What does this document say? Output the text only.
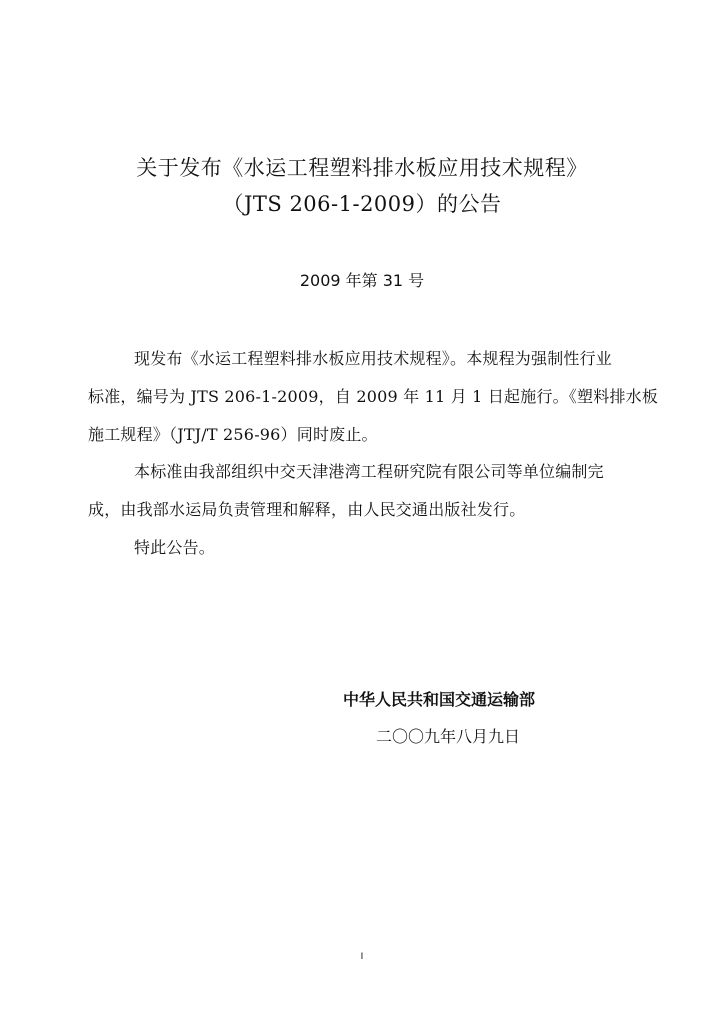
关于发布《水运工程塑料排水板应用技术规程》
（JTS 206-1-2009）的公告
2009 年第 31 号
现发布《水运工程塑料排水板应用技术规程》。本规程为强制性行业
标准，编号为 JTS 206-1-2009，自 2009 年 11 月 1 日起施行。《塑料排水板
施工规程》（JTJ/T 256-96）同时废止。
本标准由我部组织中交天津港湾工程研究院有限公司等单位编制完
成，由我部水运局负责管理和解释，由人民交通出版社发行。
特此公告。
中华人民共和国交通运输部
二〇〇九年八月九日
I
